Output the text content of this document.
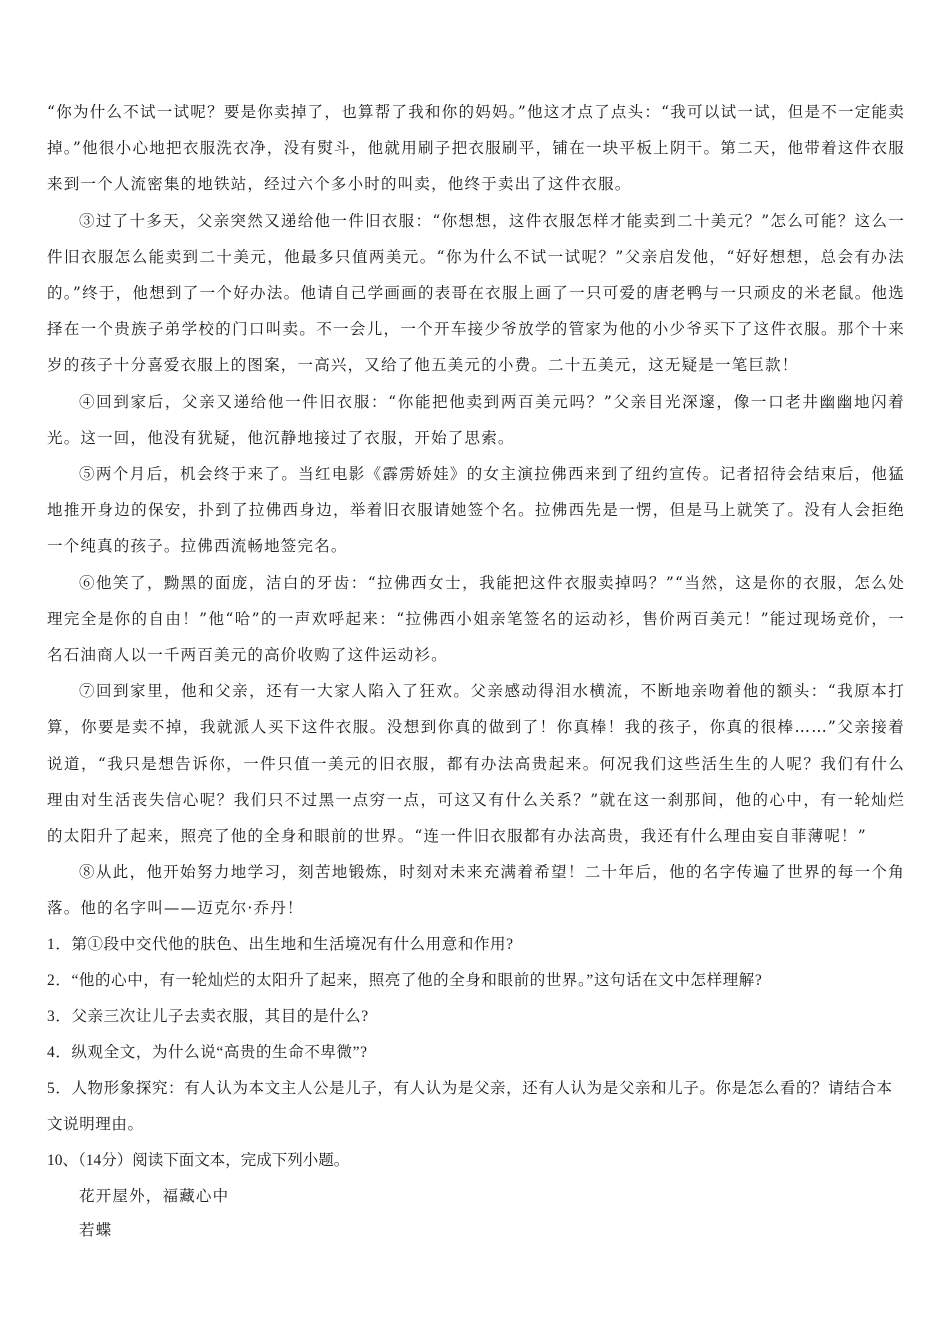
“你为什么不试一试呢？要是你卖掉了，也算帮了我和你的妈妈。”他这才点了点头：“我可以试一试，但是不一定能卖掉。”他很小心地把衣服洗衣净，没有熨斗，他就用刷子把衣服刷平，铺在一块平板上阴干。第二天，他带着这件衣服来到一个人流密集的地铁站，经过六个多小时的叫卖，他终于卖出了这件衣服。

③过了十多天，父亲突然又递给他一件旧衣服：“你想想，这件衣服怎样才能卖到二十美元？”怎么可能？这么一件旧衣服怎么能卖到二十美元，他最多只值两美元。“你为什么不试一试呢？”父亲启发他，“好好想想，总会有办法的。”终于，他想到了一个好办法。他请自己学画画的表哥在衣服上画了一只可爱的唐老鸭与一只顽皮的米老鼠。他选择在一个贵族子弟学校的门口叫卖。不一会儿，一个开车接少爷放学的管家为他的小少爷买下了这件衣服。那个十来岁的孩子十分喜爱衣服上的图案，一高兴，又给了他五美元的小费。二十五美元，这无疑是一笔巨款！

④回到家后，父亲又递给他一件旧衣服：“你能把他卖到两百美元吗？”父亲目光深邃，像一口老井幽幽地闪着光。这一回，他没有犹疑，他沉静地接过了衣服，开始了思索。

⑤两个月后，机会终于来了。当红电影《霹雳娇娃》的女主演拉佛西来到了纽约宣传。记者招待会结束后，他猛地推开身边的保安，扑到了拉佛西身边，举着旧衣服请她签个名。拉佛西先是一愣，但是马上就笑了。没有人会拒绝一个纯真的孩子。拉佛西流畅地签完名。

⑥他笑了，黝黑的面庞，洁白的牙齿：“拉佛西女士，我能把这件衣服卖掉吗？”“当然，这是你的衣服，怎么处理完全是你的自由！”他“哈”的一声欢呼起来：“拉佛西小姐亲笔签名的运动衫，售价两百美元！”能过现场竞价，一名石油商人以一千两百美元的高价收购了这件运动衫。

⑦回到家里，他和父亲，还有一大家人陷入了狂欢。父亲感动得泪水横流，不断地亲吻着他的额头：“我原本打算，你要是卖不掉，我就派人买下这件衣服。没想到你真的做到了！你真棒！我的孩子，你真的很棒……”父亲接着说道，“我只是想告诉你，一件只值一美元的旧衣服，都有办法高贵起来。何况我们这些活生生的人呢？我们有什么理由对生活丧失信心呢？我们只不过黑一点穷一点，可这又有什么关系？”就在这一刹那间，他的心中，有一轮灿烂的太阳升了起来，照亮了他的全身和眼前的世界。“连一件旧衣服都有办法高贵，我还有什么理由妄自菲薄呢！”

⑧从此，他开始努力地学习，刻苦地锻炼，时刻对未来充满着希望！二十年后，他的名字传遍了世界的每一个角落。他的名字叫——迈克尔·乔丹！

1．第①段中交代他的肤色、出生地和生活境况有什么用意和作用?

2．“他的心中，有一轮灿烂的太阳升了起来，照亮了他的全身和眼前的世界。”这句话在文中怎样理解?

3．父亲三次让儿子去卖衣服，其目的是什么?

4．纵观全文，为什么说“高贵的生命不卑微”?

5．人物形象探究：有人认为本文主人公是儿子，有人认为是父亲，还有人认为是父亲和儿子。你是怎么看的？请结合本文说明理由。

10、（14分）阅读下面文本，完成下列小题。

花开屋外，福藏心中

若蝶
